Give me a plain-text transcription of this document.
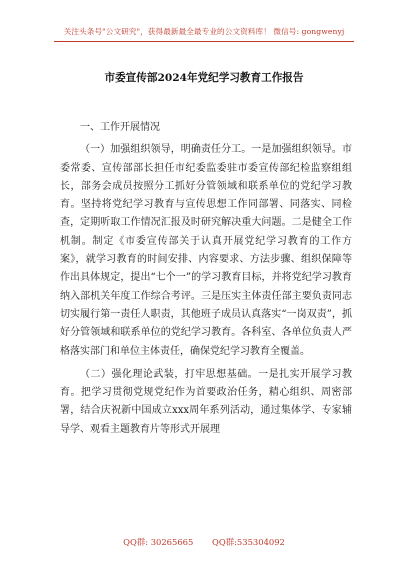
关注头条号"公文研究"，获得最新最全最专业的公文资料库！ 微信号: gongwenyj
市委宣传部2024年党纪学习教育工作报告

一、工作开展情况

（一）加强组织领导，明确责任分工。一是加强组织领导。市委常委、宣传部部长担任市纪委监委驻市委宣传部纪检监察组组长，部务会成员按照分工抓好分管领域和联系单位的党纪学习教育。坚持将党纪学习教育与宣传思想工作同部署、同落实、同检查，定期听取工作情况汇报及时研究解决重大问题。二是健全工作机制。制定《市委宣传部关于认真开展党纪学习教育的工作方案》，就学习教育的时间安排、内容要求、方法步骤、组织保障等作出具体规定，提出“七个一”的学习教育目标，并将党纪学习教育纳入部机关年度工作综合考评。三是压实主体责任部主要负责同志切实履行第一责任人职责，其他班子成员认真落实“一岗双责”，抓好分管领域和联系单位的党纪学习教育。各科室、各单位负责人严格落实部门和单位主体责任，确保党纪学习教育全覆盖。

（二）强化理论武装，打牢思想基础。一是扎实开展学习教育。把学习贯彻党规党纪作为首要政治任务，精心组织、周密部署，结合庆祝新中国成立xxx周年系列活动，通过集体学、专家辅导学、观看主题教育片等形式开展理

QQ群: 30265665 QQ群:535304092
